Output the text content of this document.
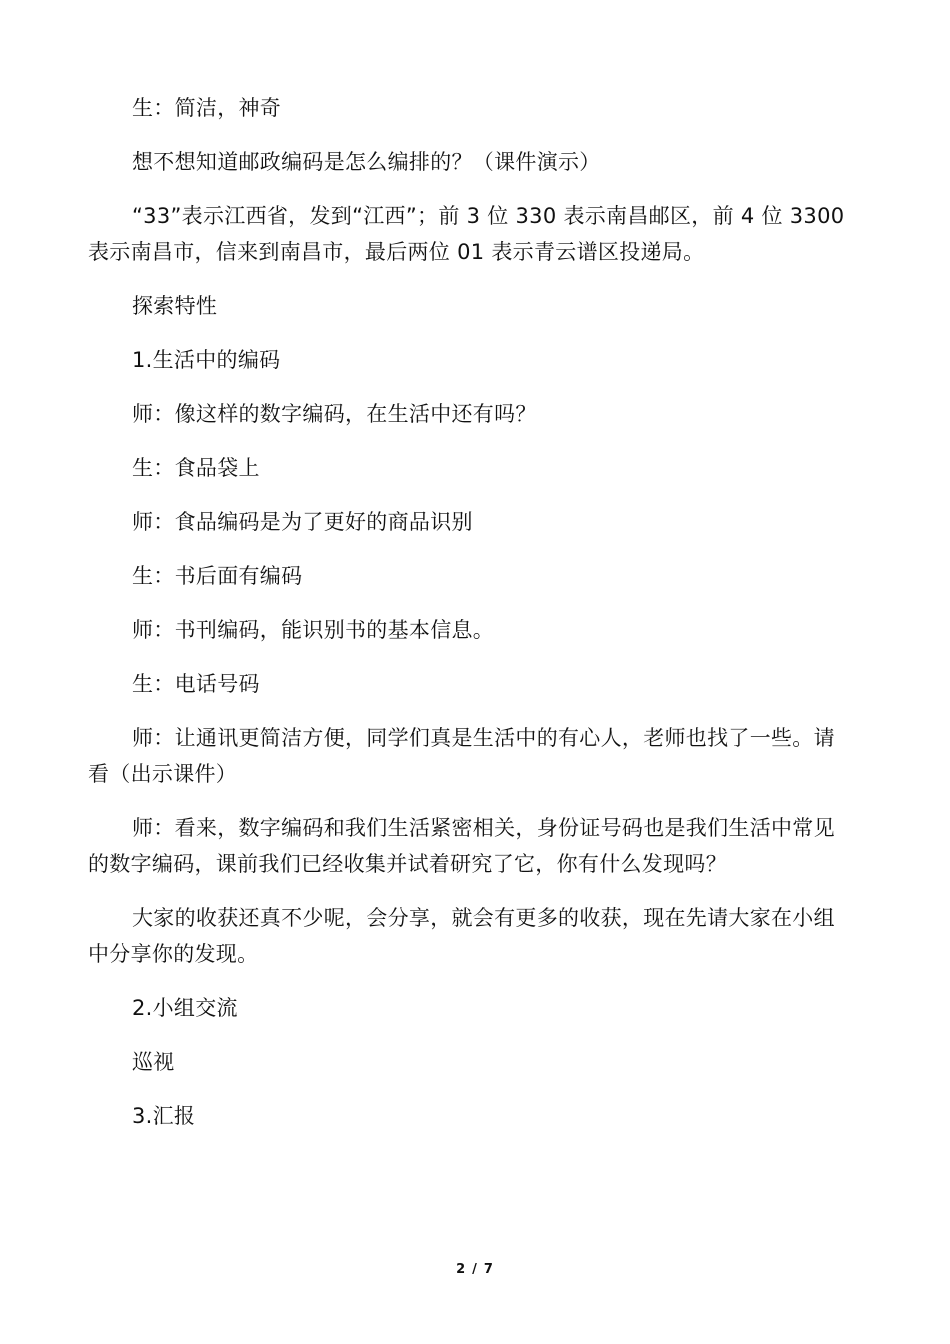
生：简洁，神奇

想不想知道邮政编码是怎么编排的？（课件演示）

“33”表示江西省，发到“江西”；前 3 位 330 表示南昌邮区，前 4 位 3300 表示南昌市，信来到南昌市，最后两位 01 表示青云谱区投递局。

探索特性

1.生活中的编码

师：像这样的数字编码，在生活中还有吗？

生：食品袋上

师：食品编码是为了更好的商品识别

生：书后面有编码

师：书刊编码，能识别书的基本信息。

生：电话号码

师：让通讯更简洁方便，同学们真是生活中的有心人，老师也找了一些。请看（出示课件）

师：看来，数字编码和我们生活紧密相关，身份证号码也是我们生活中常见的数字编码，课前我们已经收集并试着研究了它，你有什么发现吗？

大家的收获还真不少呢，会分享，就会有更多的收获，现在先请大家在小组中分享你的发现。

2.小组交流

巡视

3.汇报

2 / 7
